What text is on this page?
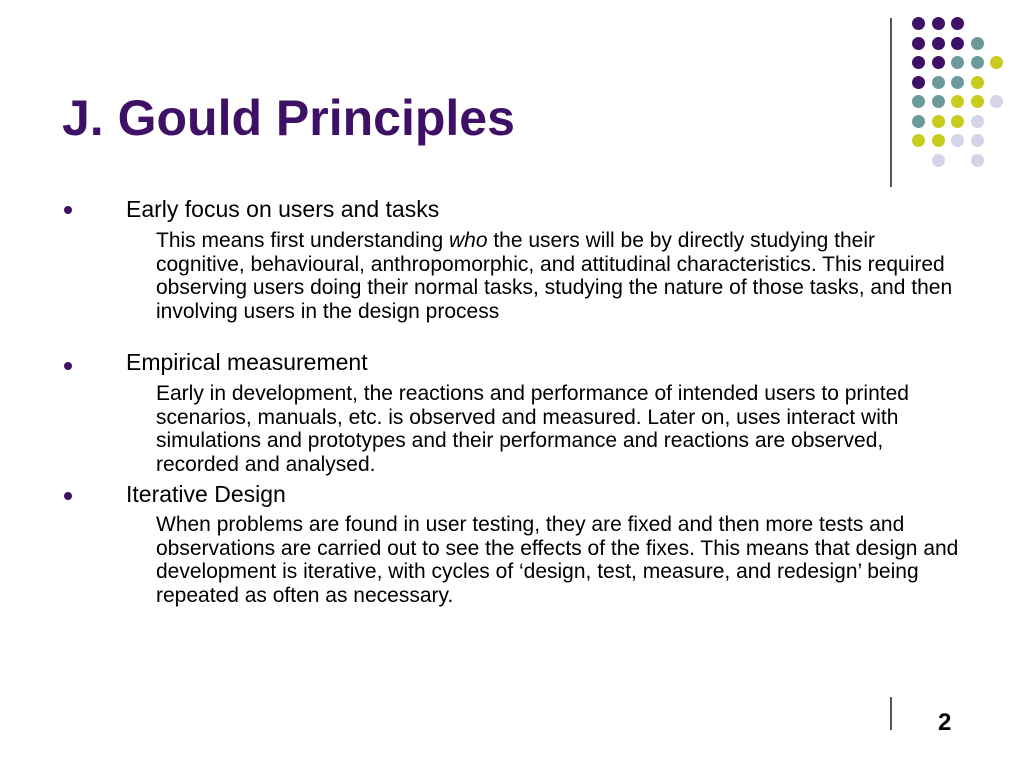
J. Gould Principles
Early focus on users and tasks

This means first understanding who the users will be by directly studying their cognitive, behavioural, anthropomorphic, and attitudinal characteristics. This required observing users doing their normal tasks, studying the nature of those tasks, and then involving users in the design process

Empirical measurement

Early in development, the reactions and performance of intended users to printed scenarios, manuals, etc. is observed and measured. Later on, uses interact with simulations and prototypes and their performance and reactions are observed, recorded and analysed.

Iterative Design

When problems are found in user testing, they are fixed and then more tests and observations are carried out to see the effects of the fixes. This means that design and development is iterative, with cycles of ‘design, test, measure, and redesign’ being repeated as often as necessary.

2
